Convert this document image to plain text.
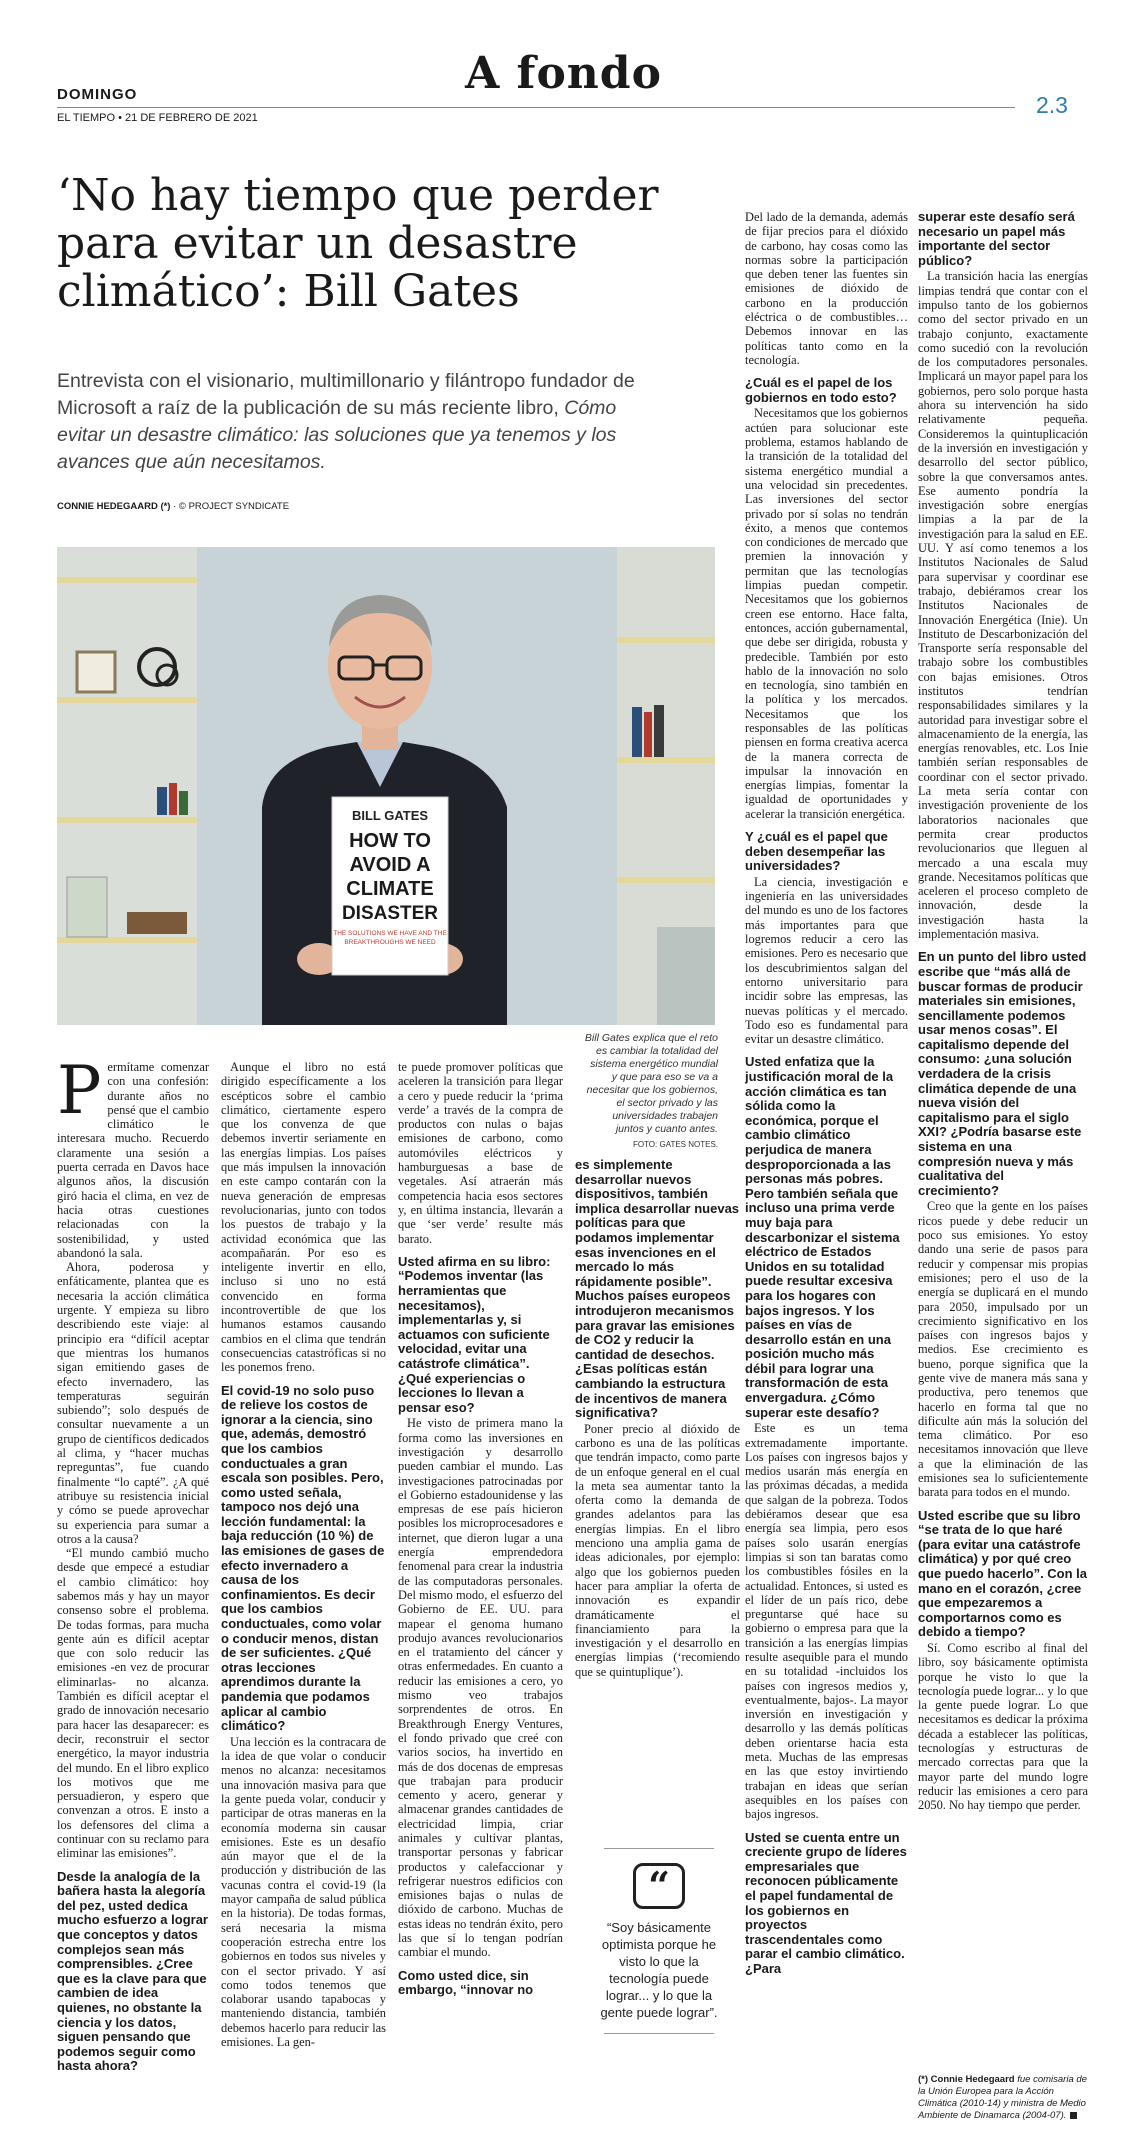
A fondo
DOMINGO
EL TIEMPO • 21 DE FEBRERO DE 2021	2.3
‘No hay tiempo que perder para evitar un desastre climático’: Bill Gates
Entrevista con el visionario, multimillonario y filántropo fundador de Microsoft a raíz de la publicación de su más reciente libro, Cómo evitar un desastre climático: las soluciones que ya tenemos y los avances que aún necesitamos.
CONNIE HEDEGAARD (*) · © PROJECT SYNDICATE
BILL GATES
HOW TO
AVOID A
CLIMATE
DISASTER
THE SOLUTIONS WE HAVE AND THE
BREAKTHROUGHS WE NEED
Bill Gates explica que el reto es cambiar la totalidad del sistema energético mundial y que para eso se va a necesitar que los gobiernos, el sector privado y las universidades trabajen juntos y cuanto antes.
FOTO: GATES NOTES.

Permítame comenzar con una confesión: durante años no pensé que el cambio climático le interesara mucho. Recuerdo claramente una sesión a puerta cerrada en Davos hace algunos años, la discusión giró hacia el clima, en vez de hacia otras cuestiones relacionadas con la sostenibilidad, y usted abandonó la sala.

Ahora, poderosa y enfáticamente, plantea que es necesaria la acción climática urgente. Y empieza su libro describiendo este viaje: al principio era “difícil aceptar que mientras los humanos sigan emitiendo gases de efecto invernadero, las temperaturas seguirán subiendo”; solo después de consultar nuevamente a un grupo de científicos dedicados al clima, y “hacer muchas repreguntas”, fue cuando finalmente “lo capté”. ¿A qué atribuye su resistencia inicial y cómo se puede aprovechar su experiencia para sumar a otros a la causa?

“El mundo cambió mucho desde que empecé a estudiar el cambio climático: hoy sabemos más y hay un mayor consenso sobre el problema. De todas formas, para mucha gente aún es difícil aceptar que con solo reducir las emisiones -en vez de procurar eliminarlas- no alcanza. También es difícil aceptar el grado de innovación necesario para hacer las desaparecer: es decir, reconstruir el sector energético, la mayor industria del mundo. En el libro explico los motivos que me persuadieron, y espero que convenzan a otros. E insto a los defensores del clima a continuar con su reclamo para eliminar las emisiones”.

Desde la analogía de la bañera hasta la alegoría del pez, usted dedica mucho esfuerzo a lograr que conceptos y datos complejos sean más comprensibles. ¿Cree que es la clave para que cambien de idea quienes, no obstante la ciencia y los datos, siguen pensando que podemos seguir como hasta ahora?

Aunque el libro no está dirigido específicamente a los escépticos sobre el cambio climático, ciertamente espero que los convenza de que debemos invertir seriamente en las energías limpias. Los países que más impulsen la innovación en este campo contarán con la nueva generación de empresas revolucionarias, junto con todos los puestos de trabajo y la actividad económica que las acompañarán. Por eso es inteligente invertir en ello, incluso si uno no está convencido en forma incontrovertible de que los humanos estamos causando cambios en el clima que tendrán consecuencias catastróficas si no les ponemos freno.

El covid-19 no solo puso de relieve los costos de ignorar a la ciencia, sino que, además, demostró que los cambios conductuales a gran escala son posibles. Pero, como usted señala, tampoco nos dejó una lección fundamental: la baja reducción (10 %) de las emisiones de gases de efecto invernadero a causa de los confinamientos. Es decir que los cambios conductuales, como volar o conducir menos, distan de ser suficientes. ¿Qué otras lecciones aprendimos durante la pandemia que podamos aplicar al cambio climático?

Una lección es la contracara de la idea de que volar o conducir menos no alcanza: necesitamos una innovación masiva para que la gente pueda volar, conducir y participar de otras maneras en la economía moderna sin causar emisiones. Este es un desafío aún mayor que el de la producción y distribución de las vacunas contra el covid-19 (la mayor campaña de salud pública en la historia). De todas formas, será necesaria la misma cooperación estrecha entre los gobiernos en todos sus niveles y con el sector privado. Y así como todos tenemos que colaborar usando tapabocas y manteniendo distancia, también debemos hacerlo para reducir las emisiones. La gen-

te puede promover políticas que aceleren la transición para llegar a cero y puede reducir la ‘prima verde’ a través de la compra de productos con nulas o bajas emisiones de carbono, como automóviles eléctricos y hamburguesas a base de vegetales. Así atraerán más competencia hacia esos sectores y, en última instancia, llevarán a que ‘ser verde’ resulte más barato.

Usted afirma en su libro: “Podemos inventar (las herramientas que necesitamos), implementarlas y, si actuamos con suficiente velocidad, evitar una catástrofe climática”. ¿Qué experiencias o lecciones lo llevan a pensar eso?

He visto de primera mano la forma como las inversiones en investigación y desarrollo pueden cambiar el mundo. Las investigaciones patrocinadas por el Gobierno estadounidense y las empresas de ese país hicieron posibles los microprocesadores e internet, que dieron lugar a una energía emprendedora fenomenal para crear la industria de las computadoras personales. Del mismo modo, el esfuerzo del Gobierno de EE. UU. para mapear el genoma humano produjo avances revolucionarios en el tratamiento del cáncer y otras enfermedades. En cuanto a reducir las emisiones a cero, yo mismo veo trabajos sorprendentes de otros. En Breakthrough Energy Ventures, el fondo privado que creé con varios socios, ha invertido en más de dos docenas de empresas que trabajan para producir cemento y acero, generar y almacenar grandes cantidades de electricidad limpia, criar animales y cultivar plantas, transportar personas y fabricar productos y calefaccionar y refrigerar nuestros edificios con emisiones bajas o nulas de dióxido de carbono. Muchas de estas ideas no tendrán éxito, pero las que sí lo tengan podrían cambiar el mundo.

Como usted dice, sin embargo, “innovar no
es simplemente desarrollar nuevos dispositivos, también implica desarrollar nuevas políticas para que podamos implementar esas invenciones en el mercado lo más rápidamente posible”. Muchos países europeos introdujeron mecanismos para gravar las emisiones de CO2 y reducir la cantidad de desechos. ¿Esas políticas están cambiando la estructura de incentivos de manera significativa?

Poner precio al dióxido de carbono es una de las políticas que tendrán impacto, como parte de un enfoque general en el cual la meta sea aumentar tanto la oferta como la demanda de grandes adelantos para las energías limpias. En el libro menciono una amplia gama de ideas adicionales, por ejemplo: algo que los gobiernos pueden hacer para ampliar la oferta de innovación es expandir dramáticamente el financiamiento para la investigación y el desarrollo en energías limpias (‘recomiendo que se quintuplique’).

“
“Soy básicamente optimista porque he visto lo que la tecnología puede lograr... y lo que la gente puede lograr”.

Del lado de la demanda, además de fijar precios para el dióxido de carbono, hay cosas como las normas sobre la participación que deben tener las fuentes sin emisiones de dióxido de carbono en la producción eléctrica o de combustibles… Debemos innovar en las políticas tanto como en la tecnología.

¿Cuál es el papel de los gobiernos en todo esto?

Necesitamos que los gobiernos actúen para solucionar este problema, estamos hablando de la transición de la totalidad del sistema energético mundial a una velocidad sin precedentes. Las inversiones del sector privado por sí solas no tendrán éxito, a menos que contemos con condiciones de mercado que premien la innovación y permitan que las tecnologías limpias puedan competir. Necesitamos que los gobiernos creen ese entorno. Hace falta, entonces, acción gubernamental, que debe ser dirigida, robusta y predecible. También por esto hablo de la innovación no solo en tecnología, sino también en la política y los mercados. Necesitamos que los responsables de las políticas piensen en forma creativa acerca de la manera correcta de impulsar la innovación en energías limpias, fomentar la igualdad de oportunidades y acelerar la transición energética.

Y ¿cuál es el papel que deben desempeñar las universidades?

La ciencia, investigación e ingeniería en las universidades del mundo es uno de los factores más importantes para que logremos reducir a cero las emisiones. Pero es necesario que los descubrimientos salgan del entorno universitario para incidir sobre las empresas, las nuevas políticas y el mercado. Todo eso es fundamental para evitar un desastre climático.

Usted enfatiza que la justificación moral de la acción climática es tan sólida como la económica, porque el cambio climático perjudica de manera desproporcionada a las personas más pobres. Pero también señala que incluso una prima verde muy baja para descarbonizar el sistema eléctrico de Estados Unidos en su totalidad puede resultar excesiva para los hogares con bajos ingresos. Y los países en vías de desarrollo están en una posición mucho más débil para lograr una transformación de esta envergadura. ¿Cómo superar este desafío?

Este es un tema extremadamente importante. Los países con ingresos bajos y medios usarán más energía en las próximas décadas, a medida que salgan de la pobreza. Todos debiéramos desear que esa energía sea limpia, pero esos países solo usarán energías limpias si son tan baratas como los combustibles fósiles en la actualidad. Entonces, si usted es el líder de un país rico, debe preguntarse qué hace su gobierno o empresa para que la transición a las energías limpias resulte asequible para el mundo en su totalidad -incluidos los países con ingresos medios y, eventualmente, bajos-. La mayor inversión en investigación y desarrollo y las demás políticas deben orientarse hacia esta meta. Muchas de las empresas en las que estoy invirtiendo trabajan en ideas que serían asequibles en los países con bajos ingresos.

Usted se cuenta entre un creciente grupo de líderes empresariales que reconocen públicamente el papel fundamental de los gobiernos en proyectos trascendentales como parar el cambio climático. ¿Para
superar este desafío será necesario un papel más importante del sector público?

La transición hacia las energías limpias tendrá que contar con el impulso tanto de los gobiernos como del sector privado en un trabajo conjunto, exactamente como sucedió con la revolución de los computadores personales. Implicará un mayor papel para los gobiernos, pero solo porque hasta ahora su intervención ha sido relativamente pequeña. Consideremos la quintuplicación de la inversión en investigación y desarrollo del sector público, sobre la que conversamos antes. Ese aumento pondría la investigación sobre energías limpias a la par de la investigación para la salud en EE. UU. Y así como tenemos a los Institutos Nacionales de Salud para supervisar y coordinar ese trabajo, debiéramos crear los Institutos Nacionales de Innovación Energética (Inie). Un Instituto de Descarbonización del Transporte sería responsable del trabajo sobre los combustibles con bajas emisiones. Otros institutos tendrían responsabilidades similares y la autoridad para investigar sobre el almacenamiento de la energía, las energías renovables, etc. Los Inie también serían responsables de coordinar con el sector privado. La meta sería contar con investigación proveniente de los laboratorios nacionales que permita crear productos revolucionarios que lleguen al mercado a una escala muy grande. Necesitamos políticas que aceleren el proceso completo de innovación, desde la investigación hasta la implementación masiva.

En un punto del libro usted escribe que “más allá de buscar formas de producir materiales sin emisiones, sencillamente podemos usar menos cosas”. El capitalismo depende del consumo: ¿una solución verdadera de la crisis climática depende de una nueva visión del capitalismo para el siglo XXI? ¿Podría basarse este sistema en una compresión nueva y más cualitativa del crecimiento?

Creo que la gente en los países ricos puede y debe reducir un poco sus emisiones. Yo estoy dando una serie de pasos para reducir y compensar mis propias emisiones; pero el uso de la energía se duplicará en el mundo para 2050, impulsado por un crecimiento significativo en los países con ingresos bajos y medios. Ese crecimiento es bueno, porque significa que la gente vive de manera más sana y productiva, pero tenemos que hacerlo en forma tal que no dificulte aún más la solución del tema climático. Por eso necesitamos innovación que lleve a que la eliminación de las emisiones sea lo suficientemente barata para todos en el mundo.

Usted escribe que su libro “se trata de lo que haré (para evitar una catástrofe climática) y por qué creo que puedo hacerlo”. Con la mano en el corazón, ¿cree que empezaremos a comportarnos como es debido a tiempo?

Sí. Como escribo al final del libro, soy básicamente optimista porque he visto lo que la tecnología puede lograr... y lo que la gente puede lograr. Lo que necesitamos es dedicar la próxima década a establecer las políticas, tecnologías y estructuras de mercado correctas para que la mayor parte del mundo logre reducir las emisiones a cero para 2050. No hay tiempo que perder.

(*) Connie Hedegaard fue comisaria de la Unión Europea para la Acción Climática (2010-14) y ministra de Medio Ambiente de Dinamarca (2004-07).
